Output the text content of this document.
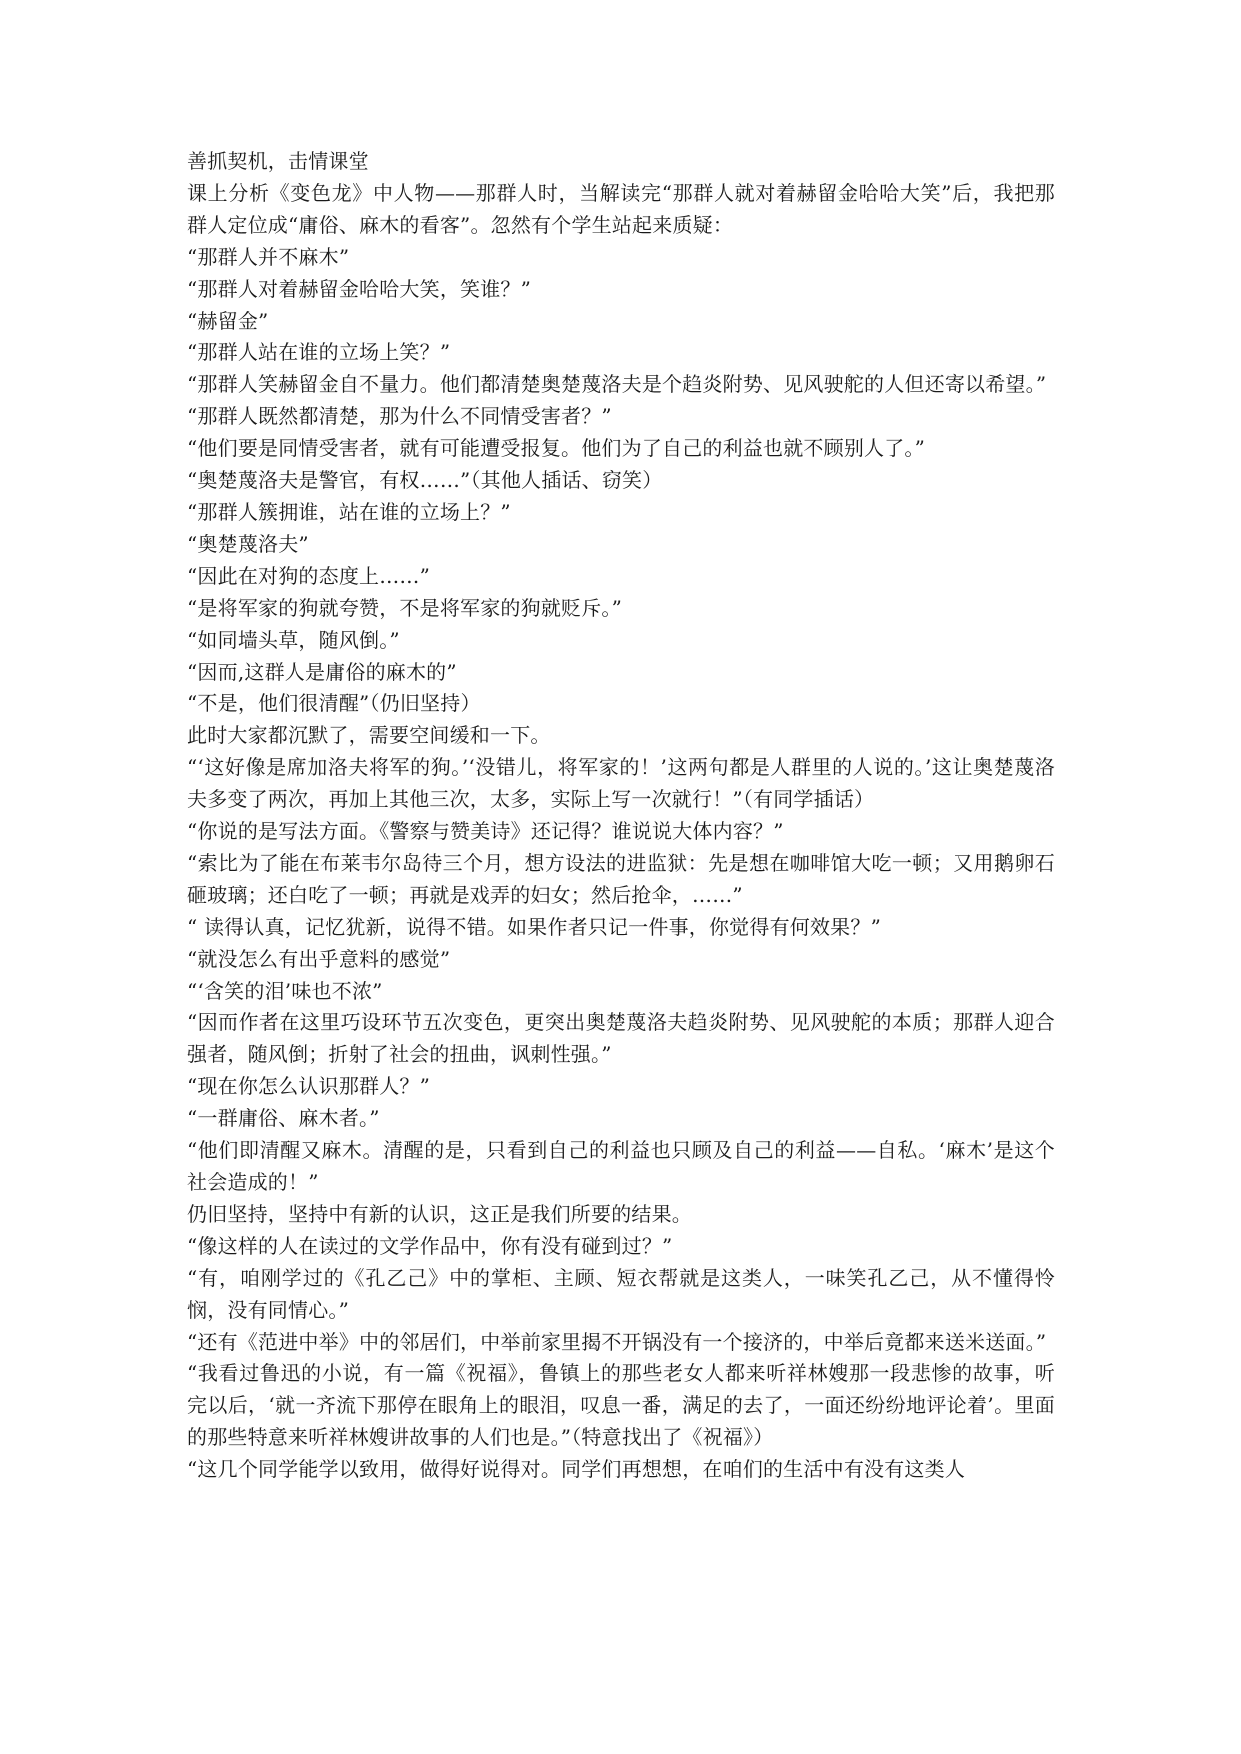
善抓契机，击情课堂

课上分析《变色龙》中人物——那群人时，当解读完“那群人就对着赫留金哈哈大笑”后，我把那群人定位成“庸俗、麻木的看客”。忽然有个学生站起来质疑：

“那群人并不麻木”

“那群人对着赫留金哈哈大笑，笑谁？”

“赫留金”

“那群人站在谁的立场上笑？”

“那群人笑赫留金自不量力。他们都清楚奥楚蔑洛夫是个趋炎附势、见风驶舵的人但还寄以希望。”

“那群人既然都清楚，那为什么不同情受害者？”

“他们要是同情受害者，就有可能遭受报复。他们为了自己的利益也就不顾别人了。”

“奥楚蔑洛夫是警官，有权……”（其他人插话、窃笑）

“那群人簇拥谁，站在谁的立场上？”

“奥楚蔑洛夫”

“因此在对狗的态度上……”

“是将军家的狗就夸赞，不是将军家的狗就贬斥。”

“如同墙头草，随风倒。”

“因而,这群人是庸俗的麻木的”

“不是，他们很清醒”（仍旧坚持）

此时大家都沉默了，需要空间缓和一下。

“‘这好像是席加洛夫将军的狗。’‘没错儿，将军家的！’这两句都是人群里的人说的。’这让奥楚蔑洛夫多变了两次，再加上其他三次，太多，实际上写一次就行！”（有同学插话）

“你说的是写法方面。《警察与赞美诗》还记得？谁说说大体内容？”

“索比为了能在布莱韦尔岛待三个月，想方设法的进监狱：先是想在咖啡馆大吃一顿；又用鹅卵石砸玻璃；还白吃了一顿；再就是戏弄的妇女；然后抢伞，……”

“ 读得认真，记忆犹新，说得不错。如果作者只记一件事，你觉得有何效果？”

“就没怎么有出乎意料的感觉”

“‘含笑的泪’味也不浓”

“因而作者在这里巧设环节五次变色，更突出奥楚蔑洛夫趋炎附势、见风驶舵的本质；那群人迎合强者，随风倒；折射了社会的扭曲，讽刺性强。”

“现在你怎么认识那群人？”

“一群庸俗、麻木者。”

“他们即清醒又麻木。清醒的是，只看到自己的利益也只顾及自己的利益——自私。‘麻木’是这个社会造成的！”

仍旧坚持，坚持中有新的认识，这正是我们所要的结果。

“像这样的人在读过的文学作品中，你有没有碰到过？”

“有，咱刚学过的《孔乙己》中的掌柜、主顾、短衣帮就是这类人，一味笑孔乙己，从不懂得怜悯，没有同情心。”

“还有《范进中举》中的邻居们，中举前家里揭不开锅没有一个接济的，中举后竟都来送米送面。”

“我看过鲁迅的小说，有一篇《祝福》，鲁镇上的那些老女人都来听祥林嫂那一段悲惨的故事，听完以后，‘就一齐流下那停在眼角上的眼泪，叹息一番，满足的去了，一面还纷纷地评论着’。里面的那些特意来听祥林嫂讲故事的人们也是。”（特意找出了《祝福》）

“这几个同学能学以致用，做得好说得对。同学们再想想，在咱们的生活中有没有这类人
